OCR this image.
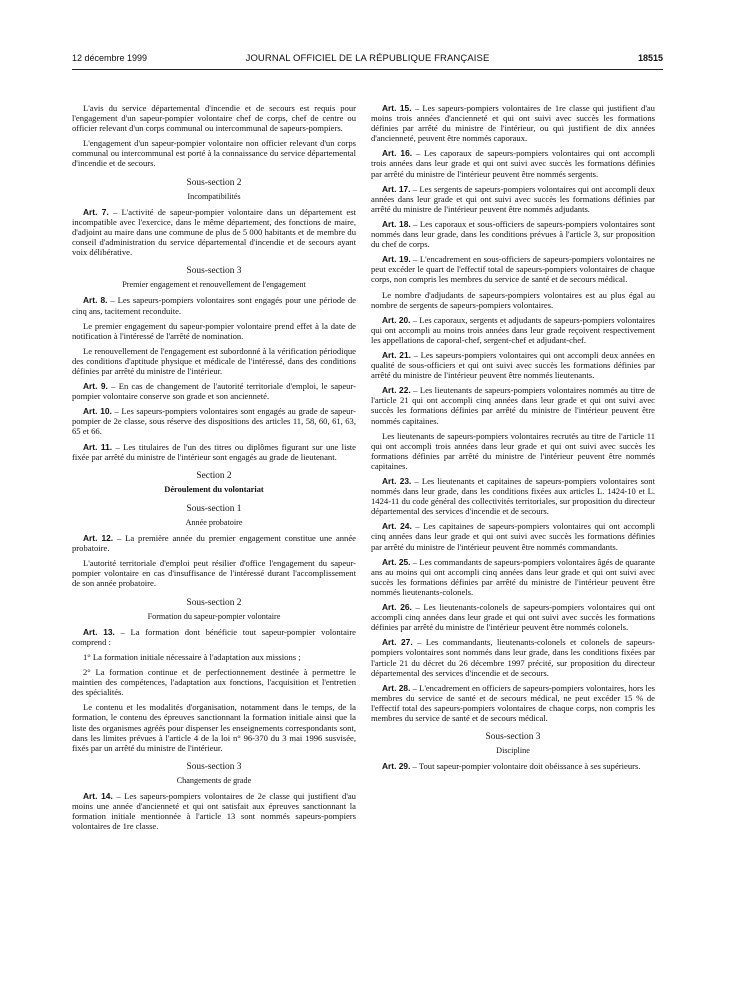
12 décembre 1999	JOURNAL OFFICIEL DE LA RÉPUBLIQUE FRANÇAISE	18515

L'avis du service départemental d'incendie et de secours est requis pour l'engagement d'un sapeur-pompier volontaire chef de corps, chef de centre ou officier relevant d'un corps communal ou intercommunal de sapeurs-pompiers.

L'engagement d'un sapeur-pompier volontaire non officier relevant d'un corps communal ou intercommunal est porté à la connaissance du service départemental d'incendie et de secours.

Sous-section 2
Incompatibilités

Art. 7. – L'activité de sapeur-pompier volontaire dans un département est incompatible avec l'exercice, dans le même département, des fonctions de maire, d'adjoint au maire dans une commune de plus de 5 000 habitants et de membre du conseil d'administration du service départemental d'incendie et de secours ayant voix délibérative.

Sous-section 3
Premier engagement et renouvellement de l'engagement

Art. 8. – Les sapeurs-pompiers volontaires sont engagés pour une période de cinq ans, tacitement reconduite.

Le premier engagement du sapeur-pompier volontaire prend effet à la date de notification à l'intéressé de l'arrêté de nomination.

Le renouvellement de l'engagement est subordonné à la vérification périodique des conditions d'aptitude physique et médicale de l'intéressé, dans des conditions définies par arrêté du ministre de l'intérieur.

Art. 9. – En cas de changement de l'autorité territoriale d'emploi, le sapeur-pompier volontaire conserve son grade et son ancienneté.

Art. 10. – Les sapeurs-pompiers volontaires sont engagés au grade de sapeur-pompier de 2e classe, sous réserve des dispositions des articles 11, 58, 60, 61, 63, 65 et 66.

Art. 11. – Les titulaires de l'un des titres ou diplômes figurant sur une liste fixée par arrêté du ministre de l'intérieur sont engagés au grade de lieutenant.

Section 2
Déroulement du volontariat
Sous-section 1
Année probatoire

Art. 12. – La première année du premier engagement constitue une année probatoire.

L'autorité territoriale d'emploi peut résilier d'office l'engagement du sapeur-pompier volontaire en cas d'insuffisance de l'intéressé durant l'accomplissement de son année probatoire.

Sous-section 2
Formation du sapeur-pompier volontaire

Art. 13. – La formation dont bénéficie tout sapeur-pompier volontaire comprend :

1° La formation initiale nécessaire à l'adaptation aux missions ;

2° La formation continue et de perfectionnement destinée à permettre le maintien des compétences, l'adaptation aux fonctions, l'acquisition et l'entretien des spécialités.

Le contenu et les modalités d'organisation, notamment dans le temps, de la formation, le contenu des épreuves sanctionnant la formation initiale ainsi que la liste des organismes agréés pour dispenser les enseignements correspondants sont, dans les limites prévues à l'article 4 de la loi n° 96-370 du 3 mai 1996 susvisée, fixés par un arrêté du ministre de l'intérieur.

Sous-section 3
Changements de grade

Art. 14. – Les sapeurs-pompiers volontaires de 2e classe qui justifient d'au moins une année d'ancienneté et qui ont satisfait aux épreuves sanctionnant la formation initiale mentionnée à l'article 13 sont nommés sapeurs-pompiers volontaires de 1re classe.

Art. 15. – Les sapeurs-pompiers volontaires de 1re classe qui justifient d'au moins trois années d'ancienneté et qui ont suivi avec succès les formations définies par arrêté du ministre de l'intérieur, ou qui justifient de dix années d'ancienneté, peuvent être nommés caporaux.

Art. 16. – Les caporaux de sapeurs-pompiers volontaires qui ont accompli trois années dans leur grade et qui ont suivi avec succès les formations définies par arrêté du ministre de l'intérieur peuvent être nommés sergents.

Art. 17. – Les sergents de sapeurs-pompiers volontaires qui ont accompli deux années dans leur grade et qui ont suivi avec succès les formations définies par arrêté du ministre de l'intérieur peuvent être nommés adjudants.

Art. 18. – Les caporaux et sous-officiers de sapeurs-pompiers volontaires sont nommés dans leur grade, dans les conditions prévues à l'article 3, sur proposition du chef de corps.

Art. 19. – L'encadrement en sous-officiers de sapeurs-pompiers volontaires ne peut excéder le quart de l'effectif total de sapeurs-pompiers volontaires de chaque corps, non compris les membres du service de santé et de secours médical.

Le nombre d'adjudants de sapeurs-pompiers volontaires est au plus égal au nombre de sergents de sapeurs-pompiers volontaires.

Art. 20. – Les caporaux, sergents et adjudants de sapeurs-pompiers volontaires qui ont accompli au moins trois années dans leur grade reçoivent respectivement les appellations de caporal-chef, sergent-chef et adjudant-chef.

Art. 21. – Les sapeurs-pompiers volontaires qui ont accompli deux années en qualité de sous-officiers et qui ont suivi avec succès les formations définies par arrêté du ministre de l'intérieur peuvent être nommés lieutenants.

Art. 22. – Les lieutenants de sapeurs-pompiers volontaires nommés au titre de l'article 21 qui ont accompli cinq années dans leur grade et qui ont suivi avec succès les formations définies par arrêté du ministre de l'intérieur peuvent être nommés capitaines.

Les lieutenants de sapeurs-pompiers volontaires recrutés au titre de l'article 11 qui ont accompli trois années dans leur grade et qui ont suivi avec succès les formations définies par arrêté du ministre de l'intérieur peuvent être nommés capitaines.

Art. 23. – Les lieutenants et capitaines de sapeurs-pompiers volontaires sont nommés dans leur grade, dans les conditions fixées aux articles L. 1424-10 et L. 1424-11 du code général des collectivités territoriales, sur proposition du directeur départemental des services d'incendie et de secours.

Art. 24. – Les capitaines de sapeurs-pompiers volontaires qui ont accompli cinq années dans leur grade et qui ont suivi avec succès les formations définies par arrêté du ministre de l'intérieur peuvent être nommés commandants.

Art. 25. – Les commandants de sapeurs-pompiers volontaires âgés de quarante ans au moins qui ont accompli cinq années dans leur grade et qui ont suivi avec succès les formations définies par arrêté du ministre de l'intérieur peuvent être nommés lieutenants-colonels.

Art. 26. – Les lieutenants-colonels de sapeurs-pompiers volontaires qui ont accompli cinq années dans leur grade et qui ont suivi avec succès les formations définies par arrêté du ministre de l'intérieur peuvent être nommés colonels.

Art. 27. – Les commandants, lieutenants-colonels et colonels de sapeurs-pompiers volontaires sont nommés dans leur grade, dans les conditions fixées par l'article 21 du décret du 26 décembre 1997 précité, sur proposition du directeur départemental des services d'incendie et de secours.

Art. 28. – L'encadrement en officiers de sapeurs-pompiers volontaires, hors les membres du service de santé et de secours médical, ne peut excéder 15 % de l'effectif total des sapeurs-pompiers volontaires de chaque corps, non compris les membres du service de santé et de secours médical.

Sous-section 3
Discipline

Art. 29. – Tout sapeur-pompier volontaire doit obéissance à ses supérieurs.
